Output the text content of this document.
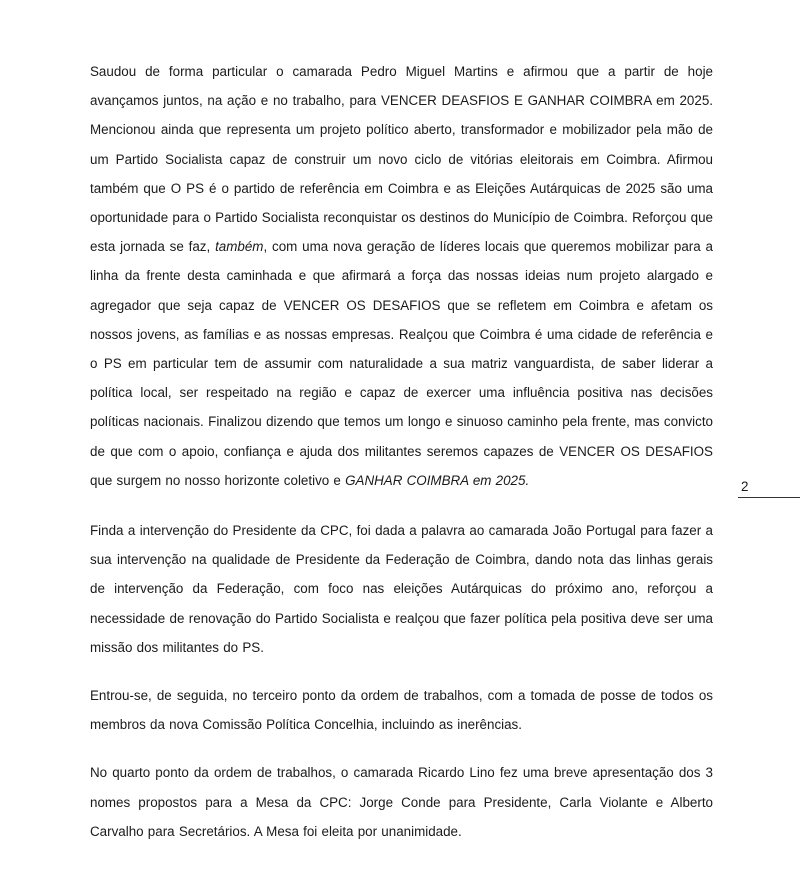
Saudou de forma particular o camarada Pedro Miguel Martins e afirmou que a partir de hoje avançamos juntos, na ação e no trabalho, para VENCER DEASFIOS E GANHAR COIMBRA em 2025. Mencionou ainda que representa um projeto político aberto, transformador e mobilizador pela mão de um Partido Socialista capaz de construir um novo ciclo de vitórias eleitorais em Coimbra. Afirmou também que O PS é o partido de referência em Coimbra e as Eleições Autárquicas de 2025 são uma oportunidade para o Partido Socialista reconquistar os destinos do Município de Coimbra. Reforçou que esta jornada se faz, também, com uma nova geração de líderes locais que queremos mobilizar para a linha da frente desta caminhada e que afirmará a força das nossas ideias num projeto alargado e agregador que seja capaz de VENCER OS DESAFIOS que se refletem em Coimbra e afetam os nossos jovens, as famílias e as nossas empresas. Realçou que Coimbra é uma cidade de referência e o PS em particular tem de assumir com naturalidade a sua matriz vanguardista, de saber liderar a política local, ser respeitado na região e capaz de exercer uma influência positiva nas decisões políticas nacionais. Finalizou dizendo que temos um longo e sinuoso caminho pela frente, mas convicto de que com o apoio, confiança e ajuda dos militantes seremos capazes de VENCER OS DESAFIOS que surgem no nosso horizonte coletivo e GANHAR COIMBRA em 2025.

Finda a intervenção do Presidente da CPC, foi dada a palavra ao camarada João Portugal para fazer a sua intervenção na qualidade de Presidente da Federação de Coimbra, dando nota das linhas gerais de intervenção da Federação, com foco nas eleições Autárquicas do próximo ano, reforçou a necessidade de renovação do Partido Socialista e realçou que fazer política pela positiva deve ser uma missão dos militantes do PS.

Entrou-se, de seguida, no terceiro ponto da ordem de trabalhos, com a tomada de posse de todos os membros da nova Comissão Política Concelhia, incluindo as inerências.

No quarto ponto da ordem de trabalhos, o camarada Ricardo Lino fez uma breve apresentação dos 3 nomes propostos para a Mesa da CPC: Jorge Conde para Presidente, Carla Violante e Alberto Carvalho para Secretários. A Mesa foi eleita por unanimidade.

2
